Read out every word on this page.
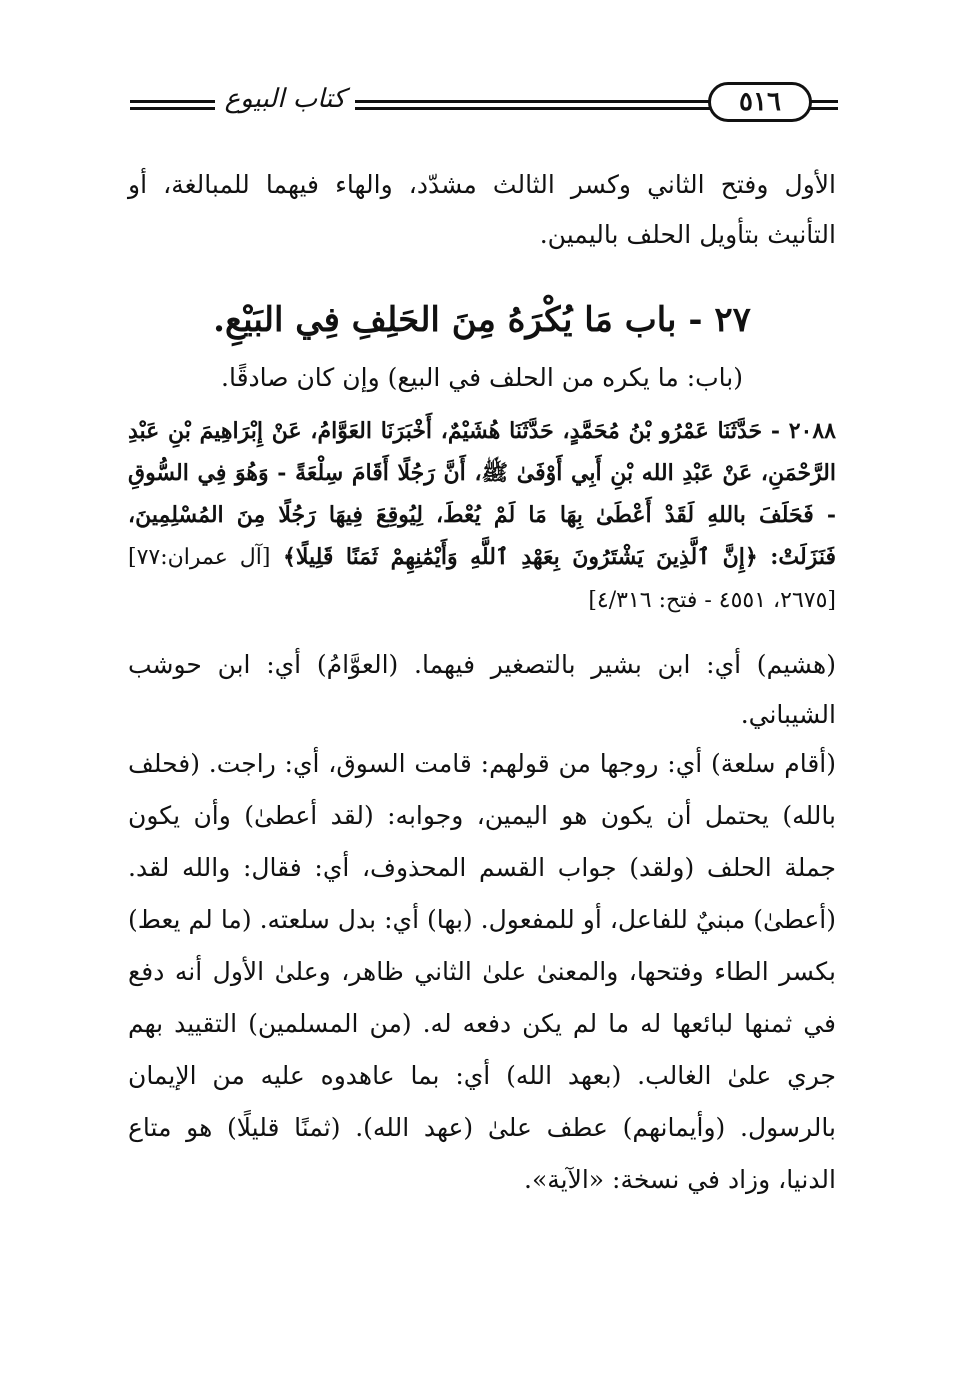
كتاب البيوع	٥١٦

الأول وفتح الثاني وكسر الثالث مشدّد، والهاء فيهما للمبالغة، أو التأنيث بتأويل الحلف باليمين.

٢٧ - باب مَا يُكْرَهُ مِنَ الحَلِفِ فِي البَيْعِ.

(باب: ما يكره من الحلف في البيع) وإن كان صادقًا.

٢٠٨٨ - حَدَّثَنَا عَمْرُو بْنُ مُحَمَّدٍ، حَدَّثَنَا هُشَيْمٌ، أَخْبَرَنَا العَوَّامُ، عَنْ إِبْرَاهِيمَ بْنِ عَبْدِ الرَّحْمَنِ، عَنْ عَبْدِ الله بْنِ أَبِي أَوْفَىٰ ﷺ، أَنَّ رَجُلًا أَقَامَ سِلْعَةً - وَهُوَ فِي السُّوقِ - فَحَلَفَ باللهِ لَقَدْ أَعْطَىٰ بِهَا مَا لَمْ يُعْطَ، لِيُوقِعَ فِيهَا رَجُلًا مِنَ المُسْلِمِينَ، فَنَزَلَتْ: ﴿إِنَّ ٱلَّذِينَ يَشْتَرُونَ بِعَهْدِ ٱللَّهِ وَأَيْمَٰنِهِمْ ثَمَنًا قَلِيلًا﴾ [آل عمران:٧٧] [٢٦٧٥، ٤٥٥١ - فتح: ٤/٣١٦]

(هشيم) أي: ابن بشير بالتصغير فيهما. (العوَّامُ) أي: ابن حوشب الشيباني.

(أقام سلعة) أي: روجها من قولهم: قامت السوق، أي: راجت. (فحلف بالله) يحتمل أن يكون هو اليمين، وجوابه: (لقد أعطىٰ) وأن يكون جملة الحلف (ولقد) جواب القسم المحذوف، أي: فقال: والله لقد. (أعطىٰ) مبنيٌ للفاعل، أو للمفعول. (بها) أي: بدل سلعته. (ما لم يعط) بكسر الطاء وفتحها، والمعنىٰ علىٰ الثاني ظاهر، وعلىٰ الأول أنه دفع في ثمنها لبائعها له ما لم يكن دفعه له. (من المسلمين) التقييد بهم جري علىٰ الغالب. (بعهد الله) أي: بما عاهدوه عليه من الإيمان بالرسول. (وأيمانهم) عطف علىٰ (عهد الله). (ثمنًا قليلًا) هو متاع الدنيا، وزاد في نسخة: «الآية».
